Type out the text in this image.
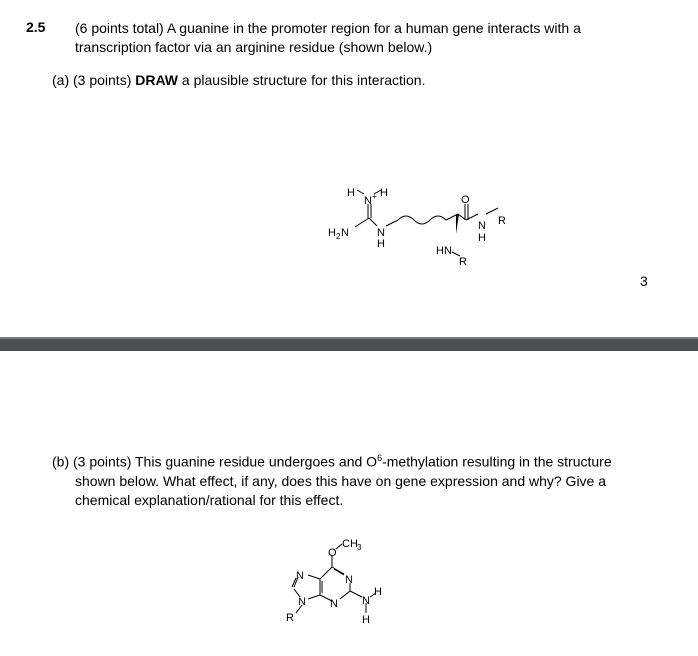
2.5 (6 points total) A guanine in the promoter region for a human gene interacts with a
transcription factor via an arginine residue (shown below.)
(a) (3 points) DRAW a plausible structure for this interaction.
H H
N +
H 2 N	N
H
O
HN
R
N
H
R
3
(b) (3 points) This guanine residue undergoes and $O^6$-methylation resulting in the structure

shown below. What effect, if any, does this have on gene expression and why? Give a
chemical explanation/rational for this effect.
O
CH 3
N	N
N N N
H
H
R
